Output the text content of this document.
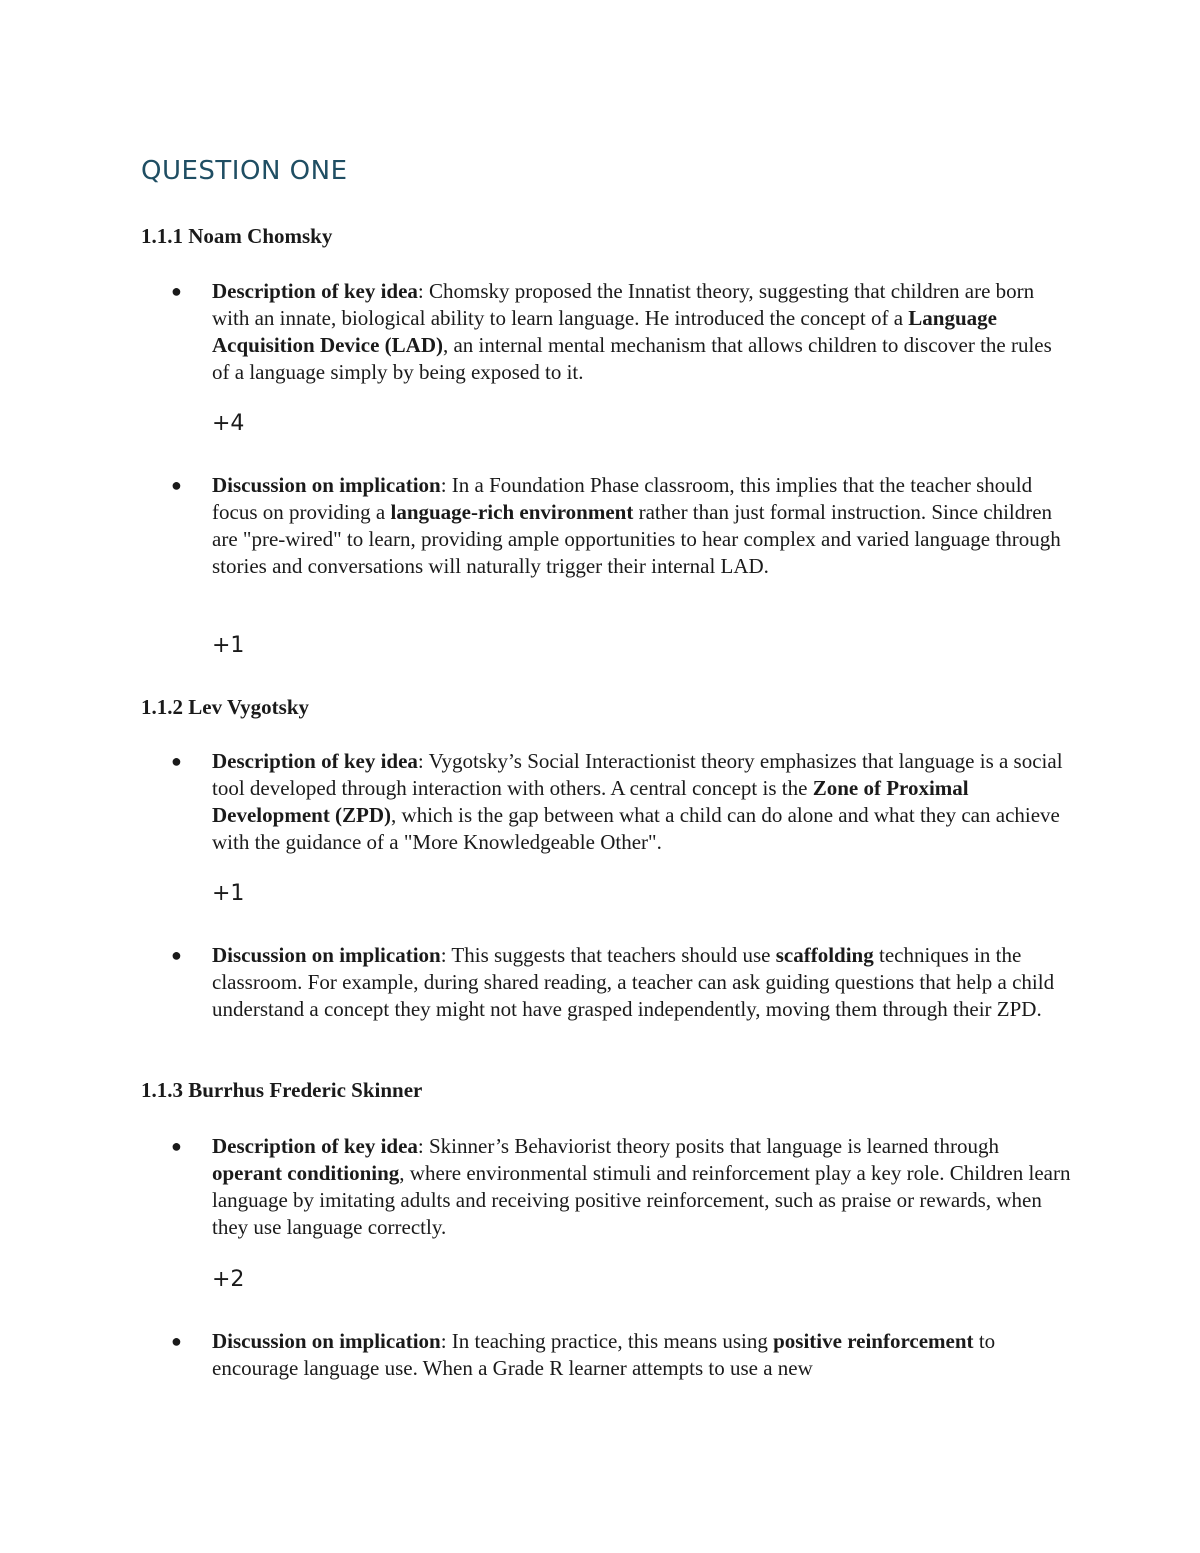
QUESTION ONE
1.1.1 Noam Chomsky
● Description of key idea: Chomsky proposed the Innatist theory, suggesting that children are born with an innate, biological ability to learn language. He introduced the concept of a Language Acquisition Device (LAD), an internal mental mechanism that allows children to discover the rules of a language simply by being exposed to it.
+4
● Discussion on implication: In a Foundation Phase classroom, this implies that the teacher should focus on providing a language-rich environment rather than just formal instruction. Since children are "pre-wired" to learn, providing ample opportunities to hear complex and varied language through stories and conversations will naturally trigger their internal LAD.
+1
1.1.2 Lev Vygotsky
● Description of key idea: Vygotsky’s Social Interactionist theory emphasizes that language is a social tool developed through interaction with others. A central concept is the Zone of Proximal Development (ZPD), which is the gap between what a child can do alone and what they can achieve with the guidance of a "More Knowledgeable Other".
+1
● Discussion on implication: This suggests that teachers should use scaffolding techniques in the classroom. For example, during shared reading, a teacher can ask guiding questions that help a child understand a concept they might not have grasped independently, moving them through their ZPD.
1.1.3 Burrhus Frederic Skinner
● Description of key idea: Skinner’s Behaviorist theory posits that language is learned through operant conditioning, where environmental stimuli and reinforcement play a key role. Children learn language by imitating adults and receiving positive reinforcement, such as praise or rewards, when they use language correctly.
+2
● Discussion on implication: In teaching practice, this means using positive reinforcement to encourage language use. When a Grade R learner attempts to use a new
